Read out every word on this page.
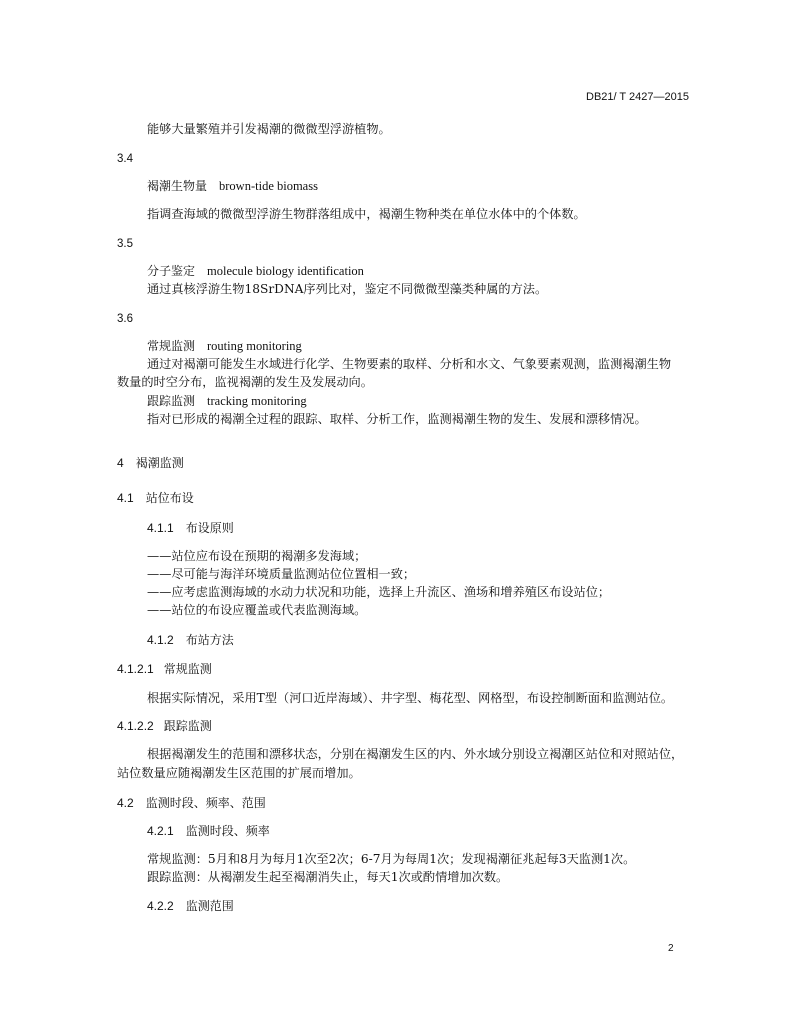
DB21/ T 2427—2015
能够大量繁殖并引发褐潮的微微型浮游植物。
3.4
褐潮生物量 brown-tide biomass
指调查海域的微微型浮游生物群落组成中，褐潮生物种类在单位水体中的个体数。
3.5
分子鉴定 molecule biology identification
通过真核浮游生物18SrDNA序列比对，鉴定不同微微型藻类种属的方法。
3.6
常规监测 routing monitoring
通过对褐潮可能发生水域进行化学、生物要素的取样、分析和水文、气象要素观测，监测褐潮生物
数量的时空分布，监视褐潮的发生及发展动向。
跟踪监测 tracking monitoring
指对已形成的褐潮全过程的跟踪、取样、分析工作，监测褐潮生物的发生、发展和漂移情况。
4 褐潮监测
4.1 站位布设
4.1.1 布设原则
——站位应布设在预期的褐潮多发海域；
——尽可能与海洋环境质量监测站位位置相一致；
——应考虑监测海域的水动力状况和功能，选择上升流区、渔场和增养殖区布设站位；
——站位的布设应覆盖或代表监测海域。
4.1.2 布站方法
4.1.2.1 常规监测
根据实际情况，采用T型（河口近岸海域）、井字型、梅花型、网格型，布设控制断面和监测站位。
4.1.2.2 跟踪监测
根据褐潮发生的范围和漂移状态，分别在褐潮发生区的内、外水域分别设立褐潮区站位和对照站位，
站位数量应随褐潮发生区范围的扩展而增加。
4.2 监测时段、频率、范围
4.2.1 监测时段、频率
常规监测：5月和8月为每月1次至2次；6-7月为每周1次；发现褐潮征兆起每3天监测1次。
跟踪监测：从褐潮发生起至褐潮消失止，每天1次或酌情增加次数。
4.2.2 监测范围
2
